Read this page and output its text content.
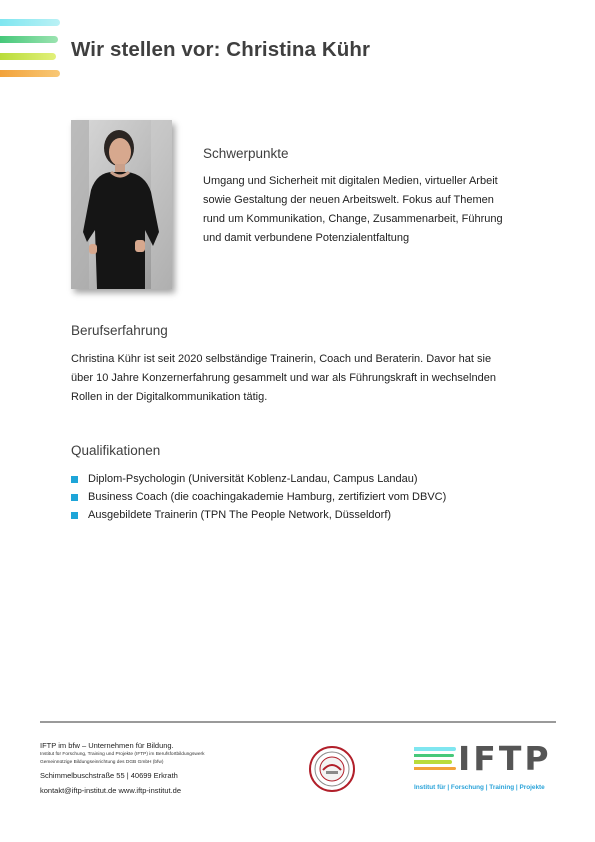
Wir stellen vor: Christina Kühr
Schwerpunkte
Umgang und Sicherheit mit digitalen Medien, virtueller Arbeit
sowie Gestaltung der neuen Arbeitswelt. Fokus auf Themen
rund um Kommunikation, Change, Zusammenarbeit, Führung
und damit verbundene Potenzialentfaltung
Berufserfahrung
Christina Kühr ist seit 2020 selbständige Trainerin, Coach und Beraterin. Davor hat sie
über 10 Jahre Konzernerfahrung gesammelt und war als Führungskraft in wechselnden
Rollen in der Digitalkommunikation tätig.
Qualifikationen
Diplom-Psychologin (Universität Koblenz-Landau, Campus Landau)
Business Coach (die coachingakademie Hamburg, zertifiziert vom DBVC)
Ausgebildete Trainerin (TPN The People Network, Düsseldorf)
IFTP im bfw – Unternehmen für Bildung.
Institut für Forschung, Training und Projekte (IFTP) im Berufsfortbildungswerk
Gemeinnützige Bildungseinrichtung des DGB GmbH (bfw)
Schimmelbuschstraße 55 | 40699 Erkrath
kontakt@iftp-institut.de www.iftp-institut.de
IFTP
Institut für | Forschung | Training | Projekte
